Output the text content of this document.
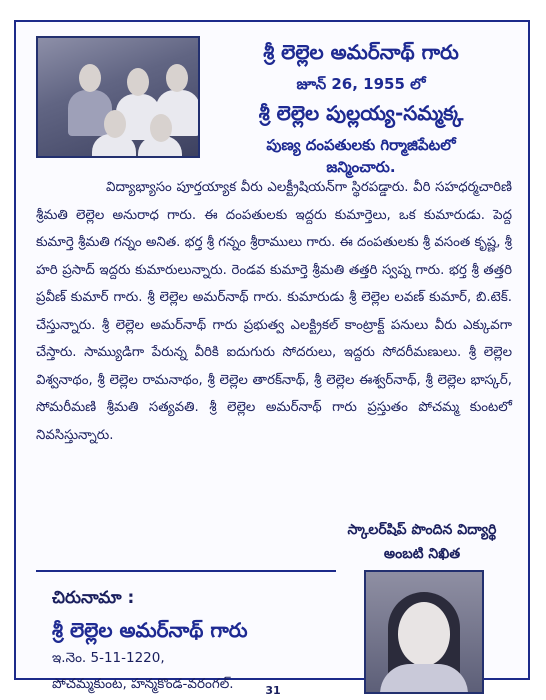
శ్రీ లెల్లెల అమర్‌నాథ్ గారు
జూన్ 26, 1955 లో
శ్రీ లెల్లెల పుల్లయ్య-సమ్మక్క
పుణ్య దంపతులకు గిర్మాజిపేటలో
జన్మించారు.
విద్యాభ్యాసం పూర్తయ్యాక వీరు ఎలక్ట్రీషియన్‌గా స్థిరపడ్డారు. వీరి సహధర్మచారిణి శ్రీమతి లెల్లెల అనురాధ గారు. ఈ దంపతులకు ఇద్దరు కుమార్తెలు, ఒక కుమారుడు. పెద్ద కుమార్తె శ్రీమతి గన్నం అనిత. భర్త శ్రీ గన్నం శ్రీరాములు గారు. ఈ దంపతులకు శ్రీ వసంత కృష్ణ, శ్రీ హరి ప్రసాద్ ఇద్దరు కుమారులున్నారు. రెండవ కుమార్తె శ్రీమతి తత్తరి స్వప్న గారు. భర్త శ్రీ తత్తరి ప్రవీణ్ కుమార్ గారు. శ్రీ లెల్లెల అమర్‌నాథ్ గారు. కుమారుడు శ్రీ లెల్లెల లవణ్ కుమార్, బి.టెక్. చేస్తున్నారు. శ్రీ లెల్లెల అమర్‌నాథ్ గారు ప్రభుత్వ ఎలక్ట్రికల్ కాంట్రాక్ట్ పనులు వీరు ఎక్కువగా చేస్తారు. సామ్యుడిగా పేరున్న వీరికి ఐదుగురు సోదరులు, ఇద్దరు సోదరీమణులు. శ్రీ లెల్లెల విశ్వనాథం, శ్రీ లెల్లెల రామనాథం, శ్రీ లెల్లెల తారక్‌నాథ్, శ్రీ లెల్లెల ఈశ్వర్‌నాథ్, శ్రీ లెల్లెల భాస్కర్, సోమరీమణి శ్రీమతి సత్యవతి. శ్రీ లెల్లెల అమర్‌నాథ్ గారు ప్రస్తుతం పోచమ్మ కుంటలో నివసిస్తున్నారు.
స్కాలర్‌షిప్ పొందిన విద్యార్థి
అంబటి నిఖిత
చిరునామా :
శ్రీ లెల్లెల అమర్‌నాథ్ గారు
ఇ.నెం. 5-11-1220,
పోచమ్మకుంట, హన్మకొండ-వరంగల్.	31
